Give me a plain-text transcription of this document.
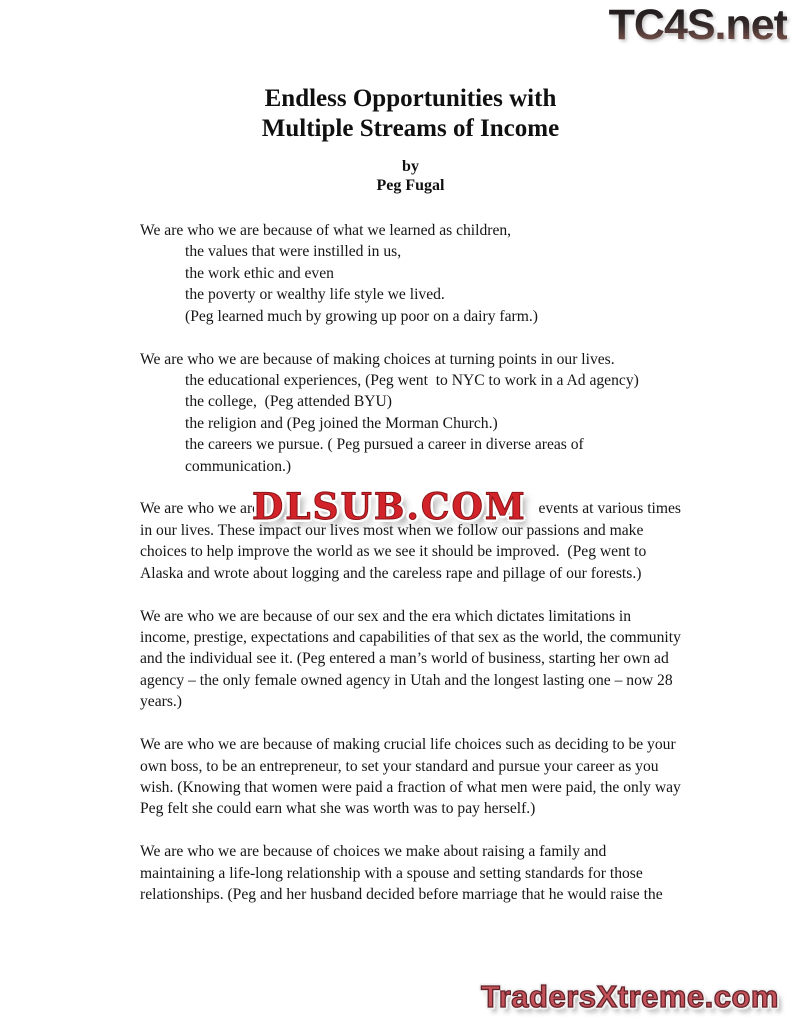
TC4S.net
Endless Opportunities with
Multiple Streams of Income
by
Peg Fugal
We are who we are because of what we learned as children,
the values that were instilled in us,
the work ethic and even
the poverty or wealthy life style we lived.
(Peg learned much by growing up poor on a dairy farm.)
We are who we are because of making choices at turning points in our lives.
the educational experiences, (Peg went  to NYC to work in a Ad agency)
the college,  (Peg attended BYU)
the religion and (Peg joined the Morman Church.)
the careers we pursue. ( Peg pursued a career in diverse areas of
communication.)
We are who we are	events at various times
in our lives. These impact our lives most when we follow our passions and make
choices to help improve the world as we see it should be improved.  (Peg went to
Alaska and wrote about logging and the careless rape and pillage of our forests.)
We are who we are because of our sex and the era which dictates limitations in
income, prestige, expectations and capabilities of that sex as the world, the community
and the individual see it. (Peg entered a man’s world of business, starting her own ad
agency – the only female owned agency in Utah and the longest lasting one – now 28
years.)
We are who we are because of making crucial life choices such as deciding to be your
own boss, to be an entrepreneur, to set your standard and pursue your career as you
wish. (Knowing that women were paid a fraction of what men were paid, the only way
Peg felt she could earn what she was worth was to pay herself.)
We are who we are because of choices we make about raising a family and
maintaining a life-long relationship with a spouse and setting standards for those
relationships. (Peg and her husband decided before marriage that he would raise the
DLSUB.COM
TradersXtreme.com
